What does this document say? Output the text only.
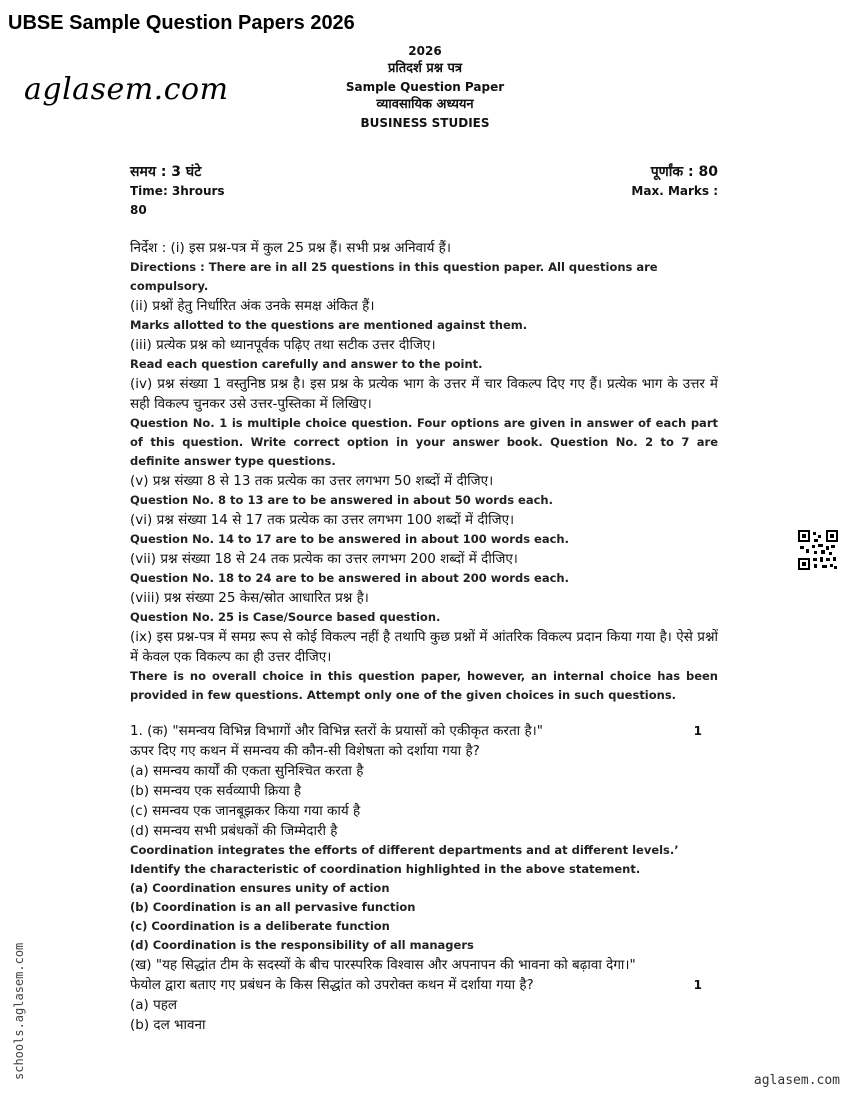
UBSE Sample Question Papers 2026
aglasem.com
2026
प्रतिदर्श प्रश्न पत्र
Sample Question Paper
व्यावसायिक अध्ययन
BUSINESS STUDIES
समय : 3 घंटे	पूर्णांक : 80
Time: 3hrours	Max. Marks :
80
निर्देश : (i) इस प्रश्न-पत्र में कुल 25 प्रश्न हैं। सभी प्रश्न अनिवार्य हैं।
Directions : There are in all 25 questions in this question paper. All questions are compulsory.
(ii) प्रश्नों हेतु निर्धारित अंक उनके समक्ष अंकित हैं।
Marks allotted to the questions are mentioned against them.
(iii) प्रत्येक प्रश्न को ध्यानपूर्वक पढ़िए तथा सटीक उत्तर दीजिए।
Read each question carefully and answer to the point.
(iv) प्रश्न संख्या 1 वस्तुनिष्ठ प्रश्न है। इस प्रश्न के प्रत्येक भाग के उत्तर में चार विकल्प दिए गए हैं। प्रत्येक भाग के उत्तर में सही विकल्प चुनकर उसे उत्तर-पुस्तिका में लिखिए।
Question No. 1 is multiple choice question. Four options are given in answer of each part of this question. Write correct option in your answer book. Question No. 2 to 7 are definite answer type questions.
(v) प्रश्न संख्या 8 से 13 तक प्रत्येक का उत्तर लगभग 50 शब्दों में दीजिए।
Question No. 8 to 13 are to be answered in about 50 words each.
(vi) प्रश्न संख्या 14 से 17 तक प्रत्येक का उत्तर लगभग 100 शब्दों में दीजिए।
Question No. 14 to 17 are to be answered in about 100 words each.
(vii) प्रश्न संख्या 18 से 24 तक प्रत्येक का उत्तर लगभग 200 शब्दों में दीजिए।
Question No. 18 to 24 are to be answered in about 200 words each.
(viii) प्रश्न संख्या 25 केस/स्रोत आधारित प्रश्न है।
Question No. 25 is Case/Source based question.
(ix) इस प्रश्न-पत्र में समग्र रूप से कोई विकल्प नहीं है तथापि कुछ प्रश्नों में आंतरिक विकल्प प्रदान किया गया है। ऐसे प्रश्नों में केवल एक विकल्प का ही उत्तर दीजिए।
There is no overall choice in this question paper, however, an internal choice has been provided in few questions. Attempt only one of the given choices in such questions.
1. (क) "समन्वय विभिन्न विभागों और विभिन्न स्तरों के प्रयासों को एकीकृत करता है।"	1
ऊपर दिए गए कथन में समन्वय की कौन-सी विशेषता को दर्शाया गया है?
(a) समन्वय कार्यों की एकता सुनिश्चित करता है
(b) समन्वय एक सर्वव्यापी क्रिया है
(c) समन्वय एक जानबूझकर किया गया कार्य है
(d) समन्वय सभी प्रबंधकों की जिम्मेदारी है
Coordination integrates the efforts of different departments and at different levels.’
Identify the characteristic of coordination highlighted in the above statement.
(a) Coordination ensures unity of action
(b) Coordination is an all pervasive function
(c) Coordination is a deliberate function
(d) Coordination is the responsibility of all managers
(ख) "यह सिद्धांत टीम के सदस्यों के बीच पारस्परिक विश्वास और अपनापन की भावना को बढ़ावा देगा।"
फेयोल द्वारा बताए गए प्रबंधन के किस सिद्धांत को उपरोक्त कथन में दर्शाया गया है?	1
(a) पहल
(b) दल भावना
schools.aglasem.com
aglasem.com
